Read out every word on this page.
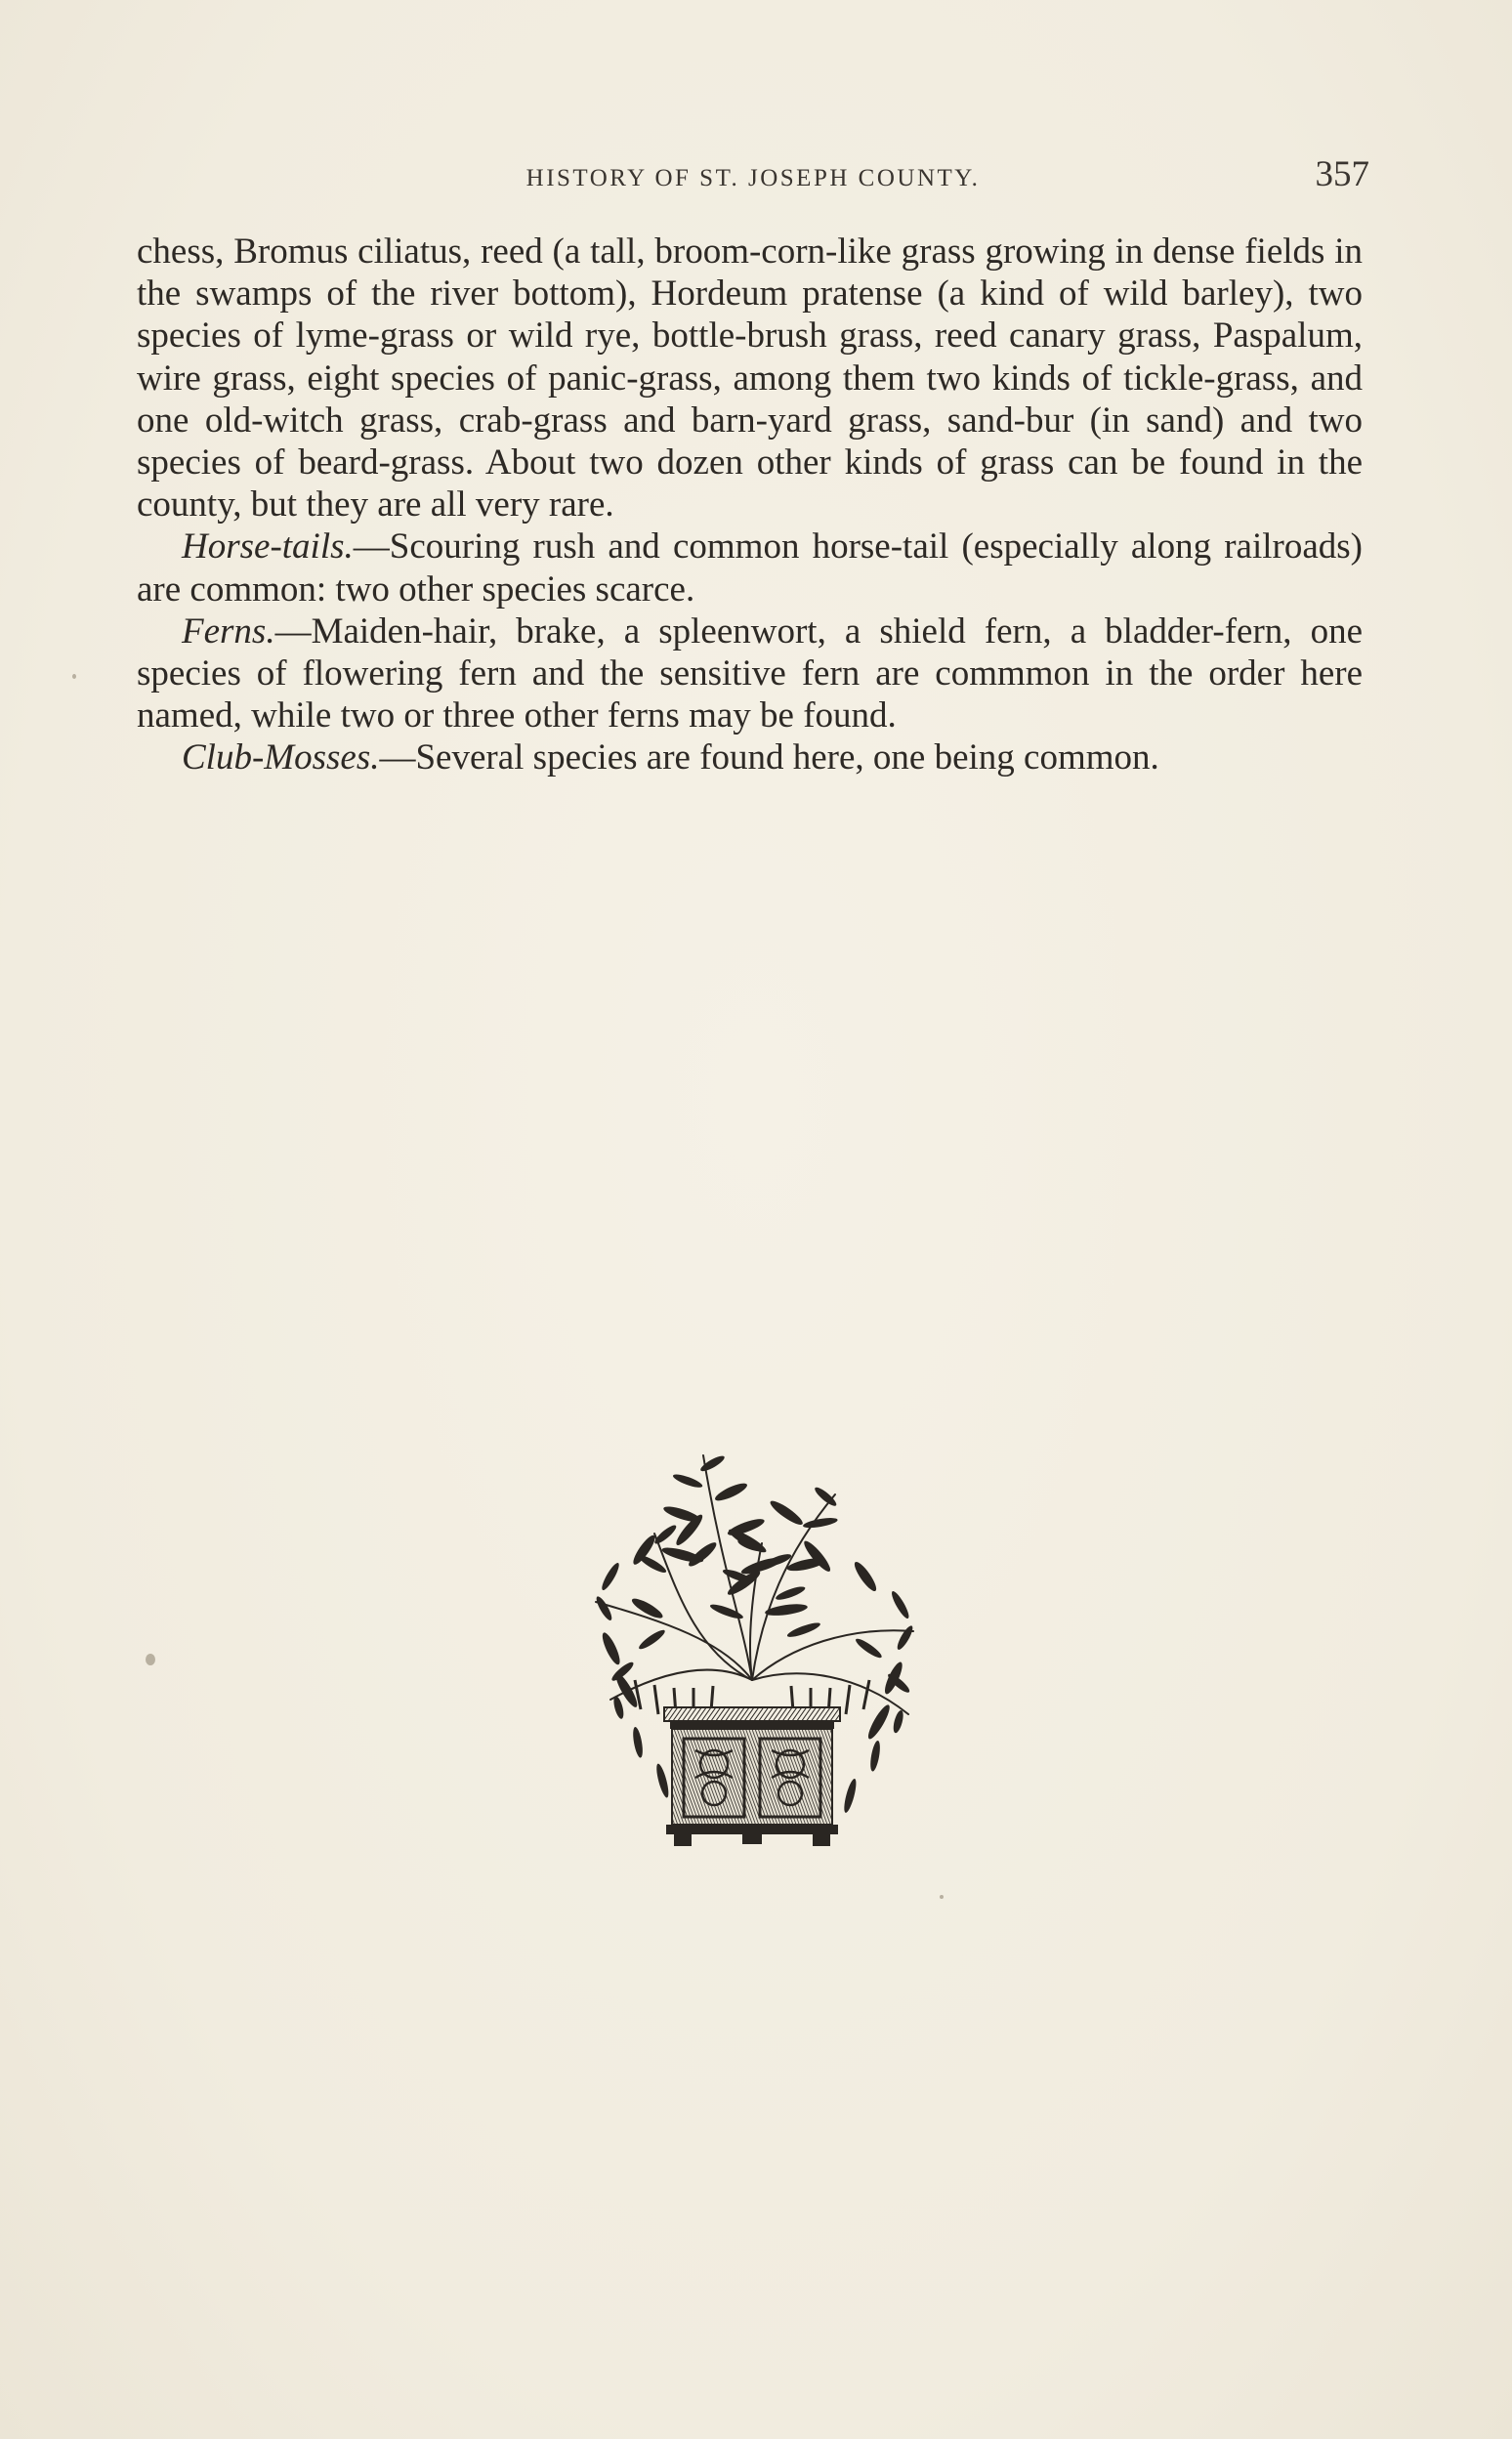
HISTORY OF ST. JOSEPH COUNTY.	357

chess, Bromus ciliatus, reed (a tall, broom-corn-like grass growing in dense fields in the swamps of the river bottom), Hordeum pratense (a kind of wild barley), two species of lyme-grass or wild rye, bottle-brush grass, reed canary grass, Paspalum, wire grass, eight species of panic-grass, among them two kinds of tickle-grass, and one old-witch grass, crab-grass and barn-yard grass, sand-bur (in sand) and two species of beard-grass. About two dozen other kinds of grass can be found in the county, but they are all very rare.

Horse-tails.—Scouring rush and common horse-tail (especially along railroads) are common: two other species scarce.

Ferns.—Maiden-hair, brake, a spleenwort, a shield fern, a bladder-fern, one species of flowering fern and the sensitive fern are commmon in the order here named, while two or three other ferns may be found.

Club-Mosses.—Several species are found here, one being common.
